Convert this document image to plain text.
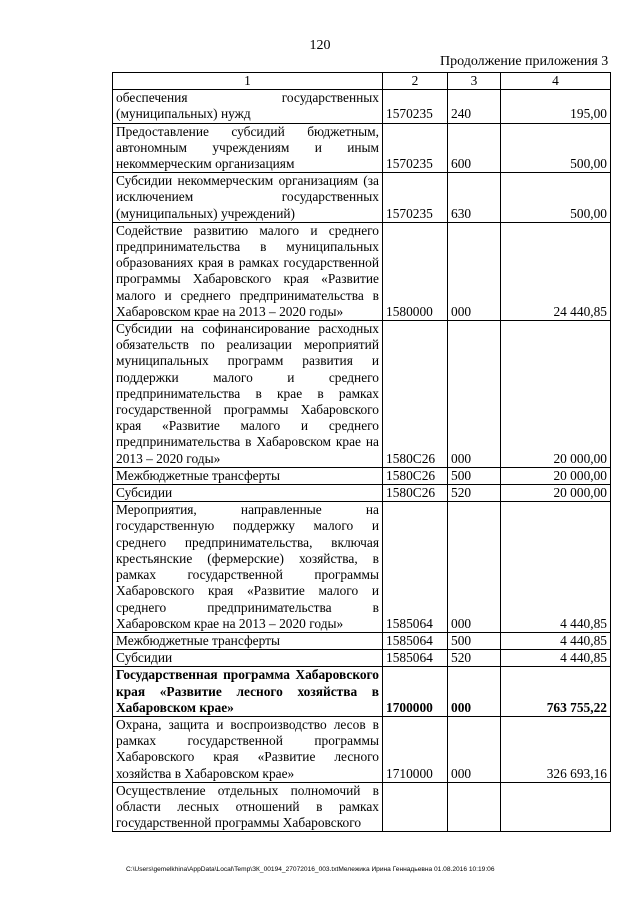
120
Продолжение приложения 3
1	2	3	4
обеспечения государственных (муниципальных) нужд	1570235	240	195,00
Предоставление субсидий бюджетным, автономным учреждениям и иным некоммерческим организациям	1570235	600	500,00
Субсидии некоммерческим организациям (за исключением государственных (муниципальных) учреждений)	1570235	630	500,00
Содействие развитию малого и среднего предпринимательства в муниципальных образованиях края в рамках государственной программы Хабаровского края «Развитие малого и среднего предпринимательства в Хабаровском крае на 2013 – 2020 годы»	1580000	000	24 440,85
Субсидии на софинансирование расходных обязательств по реализации мероприятий муниципальных программ развития и поддержки малого и среднего предпринимательства в крае в рамках государственной программы Хабаровского края «Развитие малого и среднего предпринимательства в Хабаровском крае на 2013 – 2020 годы»	1580С26	000	20 000,00
Межбюджетные трансферты	1580С26	500	20 000,00
Субсидии	1580С26	520	20 000,00
Мероприятия, направленные на государственную поддержку малого и среднего предпринимательства, включая крестьянские (фермерские) хозяйства, в рамках государственной программы Хабаровского края «Развитие малого и среднего предпринимательства в Хабаровском крае на 2013 – 2020 годы»	1585064	000	4 440,85
Межбюджетные трансферты	1585064	500	4 440,85
Субсидии	1585064	520	4 440,85
Государственная программа Хабаровского края «Развитие лесного хозяйства в Хабаровском крае»	1700000	000	763 755,22
Охрана, защита и воспроизводство лесов в рамках государственной программы Хабаровского края «Развитие лесного хозяйства в Хабаровском крае»	1710000	000	326 693,16
Осуществление отдельных полномочий в области лесных отношений в рамках государственной программы Хабаровского			
C:\Users\gemelkhina\AppData\Local\Temp\ЗК_00194_27072016_003.txtМележика Ирина Геннадьевна 01.08.2016 10:19:06
